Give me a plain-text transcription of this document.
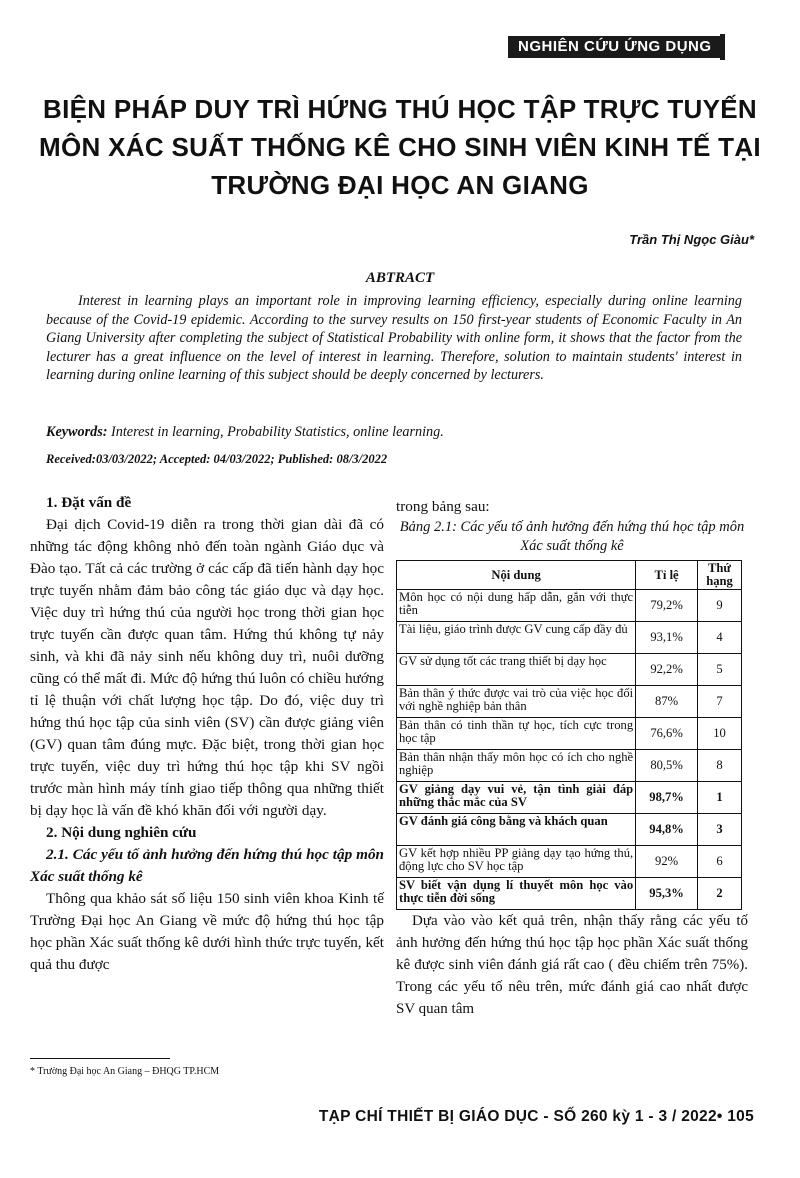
NGHIÊN CỨU ỨNG DỤNG
BIỆN PHÁP DUY TRÌ HỨNG THÚ HỌC TẬP TRỰC TUYẾN MÔN XÁC SUẤT THỐNG KÊ CHO SINH VIÊN KINH TẾ TẠI TRƯỜNG ĐẠI HỌC AN GIANG
Trần Thị Ngọc Giàu*
ABTRACT

Interest in learning plays an important role in improving learning efficiency, especially during online learning because of the Covid-19 epidemic. According to the survey results on 150 first-year students of Economic Faculty in An Giang University after completing the subject of Statistical Probability with online form, it shows that the factor from the lecturer has a great influence on the level of interest in learning. Therefore, solution to maintain students' interest in learning during online learning of this subject should be deeply concerned by lecturers.

Keywords: Interest in learning, Probability Statistics, online learning.

Received:03/03/2022; Accepted: 04/03/2022; Published: 08/3/2022

1. Đặt vấn đề

Đại dịch Covid-19 diễn ra trong thời gian dài đã có những tác động không nhỏ đến toàn ngành Giáo dục và Đào tạo. Tất cả các trường ở các cấp đã tiến hành dạy học trực tuyến nhằm đảm bảo công tác giáo dục và dạy học. Việc duy trì hứng thú của người học trong thời gian học trực tuyến cần được quan tâm. Hứng thú không tự nảy sinh, và khi đã nảy sinh nếu không duy trì, nuôi dưỡng cũng có thể mất đi. Mức độ hứng thú luôn có chiều hướng tỉ lệ thuận với chất lượng học tập. Do đó, việc duy trì hứng thú học tập của sinh viên (SV) cần được giảng viên (GV) quan tâm đúng mực. Đặc biệt, trong thời gian học trực tuyến, việc duy trì hứng thú học tập khi SV ngồi trước màn hình máy tính giao tiếp thông qua những thiết bị dạy học là vấn đề khó khăn đối với người dạy.

2. Nội dung nghiên cứu

2.1. Các yếu tố ảnh hưởng đến hứng thú học tập môn Xác suất thống kê

Thông qua khảo sát số liệu 150 sinh viên khoa Kinh tế Trường Đại học An Giang về mức độ hứng thú học tập học phần Xác suất thống kê dưới hình thức trực tuyến, kết quả thu được

trong bảng sau:

Bảng 2.1: Các yếu tố ảnh hưởng đến hứng thú học tập môn Xác suất thống kê

Nội dung	Tỉ lệ	Thứ hạng
Môn học có nội dung hấp dẫn, gắn với thực tiễn	79,2%	9
Tài liệu, giáo trình được GV cung cấp đầy đủ	93,1%	4
GV sử dụng tốt các trang thiết bị dạy học	92,2%	5
Bản thân ý thức được vai trò của việc học đối với nghề nghiệp bản thân	87%	7
Bản thân có tinh thần tự học, tích cực trong học tập	76,6%	10
Bản thân nhận thấy môn học có ích cho nghề nghiệp	80,5%	8
GV giảng dạy vui vẻ, tận tình giải đáp những thắc mắc của SV	98,7%	1
GV đánh giá công bằng và khách quan	94,8%	3
GV kết hợp nhiều PP giảng dạy tạo hứng thú, động lực cho SV học tập	92%	6
SV biết vận dụng lí thuyết môn học vào thực tiễn đời sống	95,3%	2

Dựa vào vào kết quả trên, nhận thấy rằng các yếu tố ảnh hưởng đến hứng thú học tập học phần Xác suất thống kê được sinh viên đánh giá rất cao ( đều chiếm trên 75%). Trong các yếu tố nêu trên, mức đánh giá cao nhất được SV quan tâm

* Trường Đại học An Giang – ĐHQG TP.HCM
TẠP CHÍ THIẾT BỊ GIÁO DỤC - SỐ 260 kỳ 1 - 3 / 2022• 105
